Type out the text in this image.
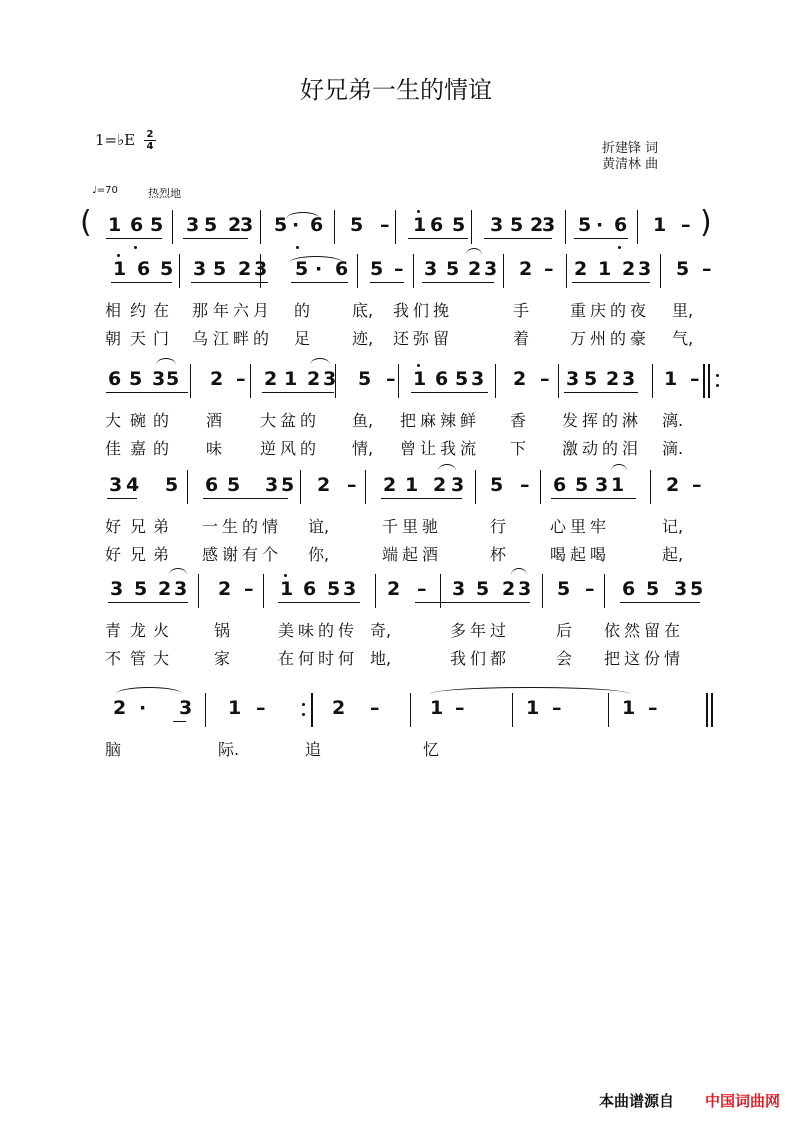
好兄弟一生的情谊
1=♭E 2
4	折建锋 词
黄清林 曲
♩=70	热烈地
1 6 5 3 5 2
3 5 · 6 5 – 1 6 5 3 5 2
3 5 · 6 1 –
(	)
1 6 5 3 5 2 3 5 · 6 5 – 3 5 2 3 2 – 2 1 2 3 5 –
相 约 在 那 年 六 月 的	底, 我 们 挽	手	重 庆 的 夜 里,
朝 天 门 乌 江 畔 的 足	迹, 还 弥 留	着	万 州 的 豪 气,
6 5 3 5 2 – 2 1 2 3 5 – 1 6 5 3 2 – 3 5 2 3 1 –
大 碗 的 酒 大 盆 的 鱼, 把 麻 辣 鲜 香 发 挥 的 淋 漓.
佳 嘉 的 味 逆 风 的 情, 曾 让 我 流 下 激 动 的 泪 滴.
3 4 5 6 5 3 5 2 – 2 1 2 3 5 – 6 5 3 1 2 –
好 兄 弟 一 生 的 情 谊,	千 里 驰	行	心 里 牢	记,
好 兄 弟 感 谢 有 个 你,	端 起 酒	杯	喝 起 喝	起,
3 5 2 3 2 – 1 6 5 3 2 – 3 5 2 3 5 – 6 5 3 5
青 龙 火	锅	美 味 的 传 奇,	多 年 过	后 依 然 留 在
不 管 大	家	在 何 时 何 地,	我 们 都	会 把 这 份 情
2 · 3 1 –	2 –	1 –	1 –	1 –
脑	际.	追	忆
本曲谱源自 中国词曲网
